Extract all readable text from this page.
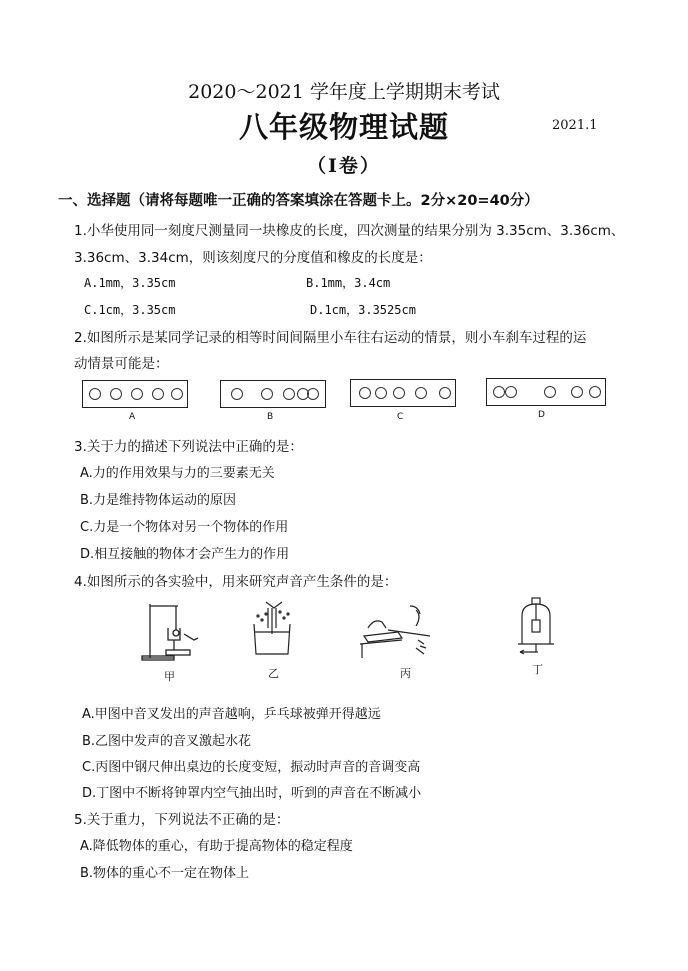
2020～2021 学年度上学期期末考试
八年级物理试题	2021.1
（Ⅰ卷）
一、选择题（请将每题唯一正确的答案填涂在答题卡上。2分×20=40分）
1.小华使用同一刻度尺测量同一块橡皮的长度，四次测量的结果分别为 3.35cm、3.36cm、
3.36cm、3.34cm，则该刻度尺的分度值和橡皮的长度是：
A.1mm，3.35cm	B.1mm，3.4cm
C.1cm，3.35cm	D.1cm，3.3525cm
2.如图所示是某同学记录的相等时间间隔里小车往右运动的情景，则小车刹车过程的运
动情景可能是：
A	B	C	D
3.关于力的描述下列说法中正确的是：
A.力的作用效果与力的三要素无关
B.力是维持物体运动的原因
C.力是一个物体对另一个物体的作用
D.相互接触的物体才会产生力的作用
4.如图所示的各实验中，用来研究声音产生条件的是：
甲	乙	丙	丁
A.甲图中音叉发出的声音越响，乒乓球被弹开得越远
B.乙图中发声的音叉激起水花
C.丙图中钢尺伸出桌边的长度变短，振动时声音的音调变高
D.丁图中不断将钟罩内空气抽出时，听到的声音在不断减小
5.关于重力，下列说法不正确的是：
A.降低物体的重心，有助于提高物体的稳定程度
B.物体的重心不一定在物体上
